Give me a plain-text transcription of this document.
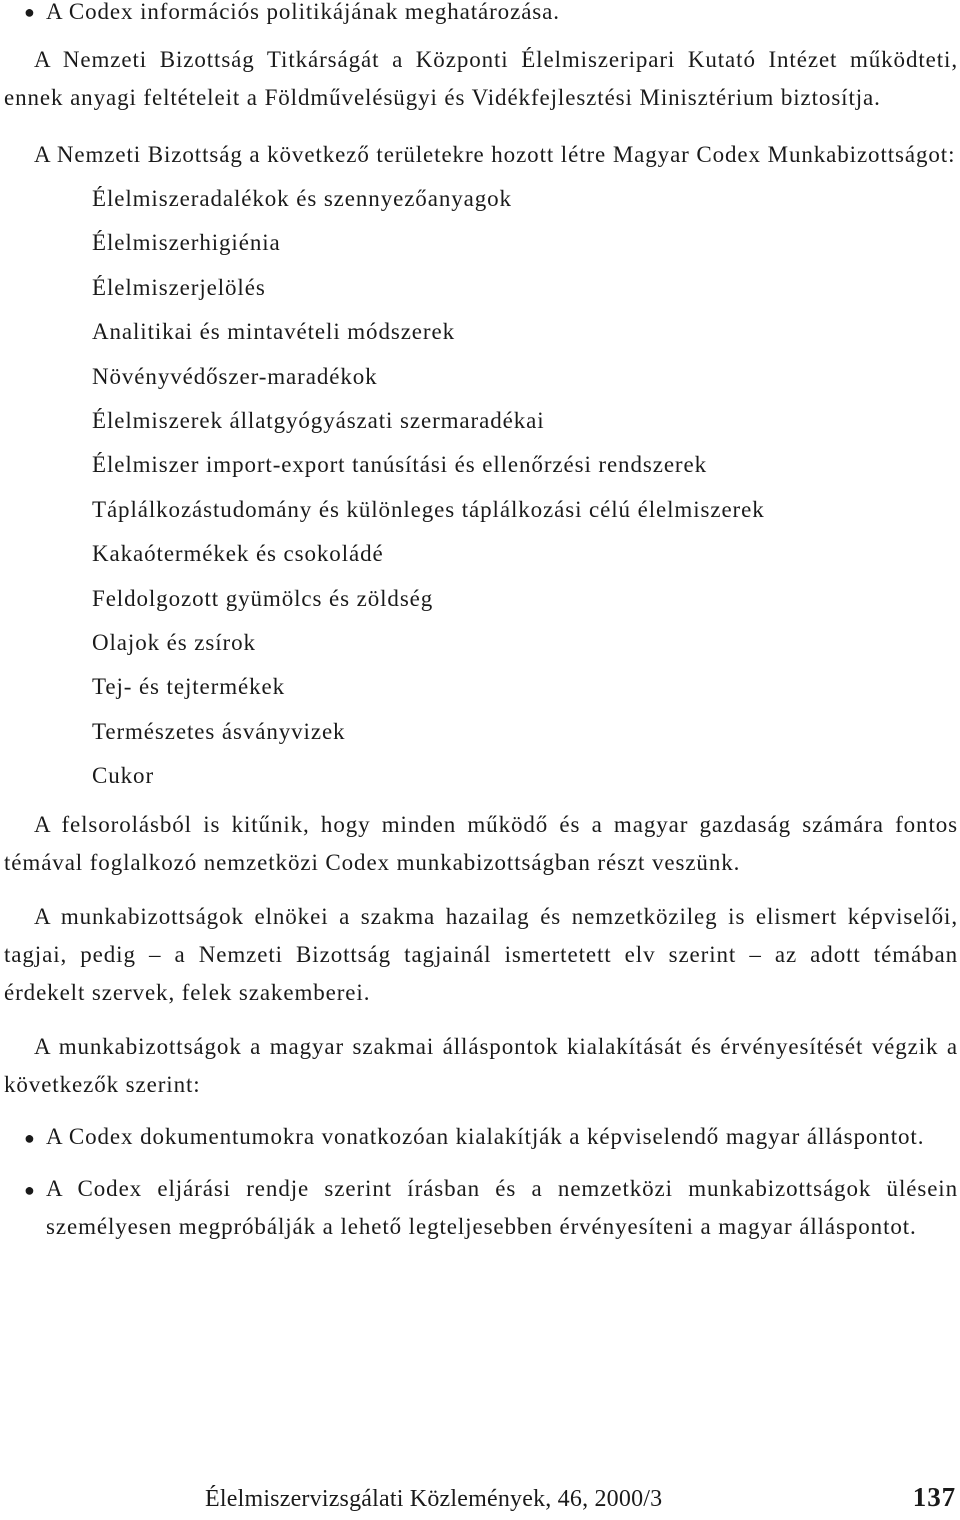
● A Codex információs politikájának meghatározása.

A Nemzeti Bizottság Titkárságát a Központi Élelmiszeripari Kutató Intézet működteti, ennek anyagi feltételeit a Földművelésügyi és Vidékfejlesztési Minisztérium biztosítja.

A Nemzeti Bizottság a következő területekre hozott létre Magyar Codex Munkabizottságot:

Élelmiszeradalékok és szennyezőanyagok
Élelmiszerhigiénia
Élelmiszerjelölés
Analitikai és mintavételi módszerek
Növényvédőszer-maradékok
Élelmiszerek állatgyógyászati szermaradékai
Élelmiszer import-export tanúsítási és ellenőrzési rendszerek
Táplálkozástudomány és különleges táplálkozási célú élelmiszerek
Kakaótermékek és csokoládé
Feldolgozott gyümölcs és zöldség
Olajok és zsírok
Tej- és tejtermékek
Természetes ásványvizek
Cukor

A felsorolásból is kitűnik, hogy minden működő és a magyar gazdaság számára fontos témával foglalkozó nemzetközi Codex munkabizottságban részt veszünk.

A munkabizottságok elnökei a szakma hazailag és nemzetközileg is elismert képviselői, tagjai, pedig – a Nemzeti Bizottság tagjainál ismertetett elv szerint – az adott témában érdekelt szervek, felek szakemberei.

A munkabizottságok a magyar szakmai álláspontok kialakítását és érvényesítését végzik a következők szerint:

● A Codex dokumentumokra vonatkozóan kialakítják a képviselendő magyar álláspontot.

● A Codex eljárási rendje szerint írásban és a nemzetközi munkabizottságok ülésein személyesen megpróbálják a lehető legteljesebben érvényesíteni a magyar álláspontot.

Élelmiszervizsgálati Közlemények, 46, 2000/3	137
